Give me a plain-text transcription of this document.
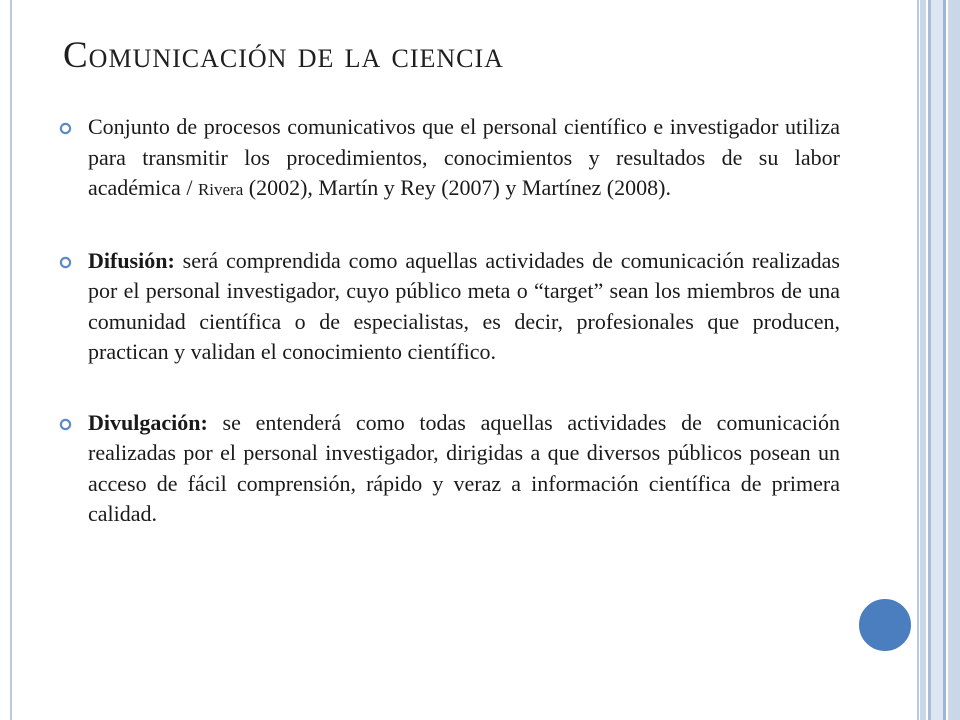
Comunicación de la ciencia
Conjunto de procesos comunicativos que el personal científico e investigador utiliza para transmitir los procedimientos, conocimientos y resultados de su labor académica / Rivera (2002), Martín y Rey (2007) y Martínez (2008).
Difusión: será comprendida como aquellas actividades de comunicación realizadas por el personal investigador, cuyo público meta o “target” sean los miembros de una comunidad científica o de especialistas, es decir, profesionales que producen, practican y validan el conocimiento científico.
Divulgación: se entenderá como todas aquellas actividades de comunicación realizadas por el personal investigador, dirigidas a que diversos públicos posean un acceso de fácil comprensión, rápido y veraz a información científica de primera calidad.
